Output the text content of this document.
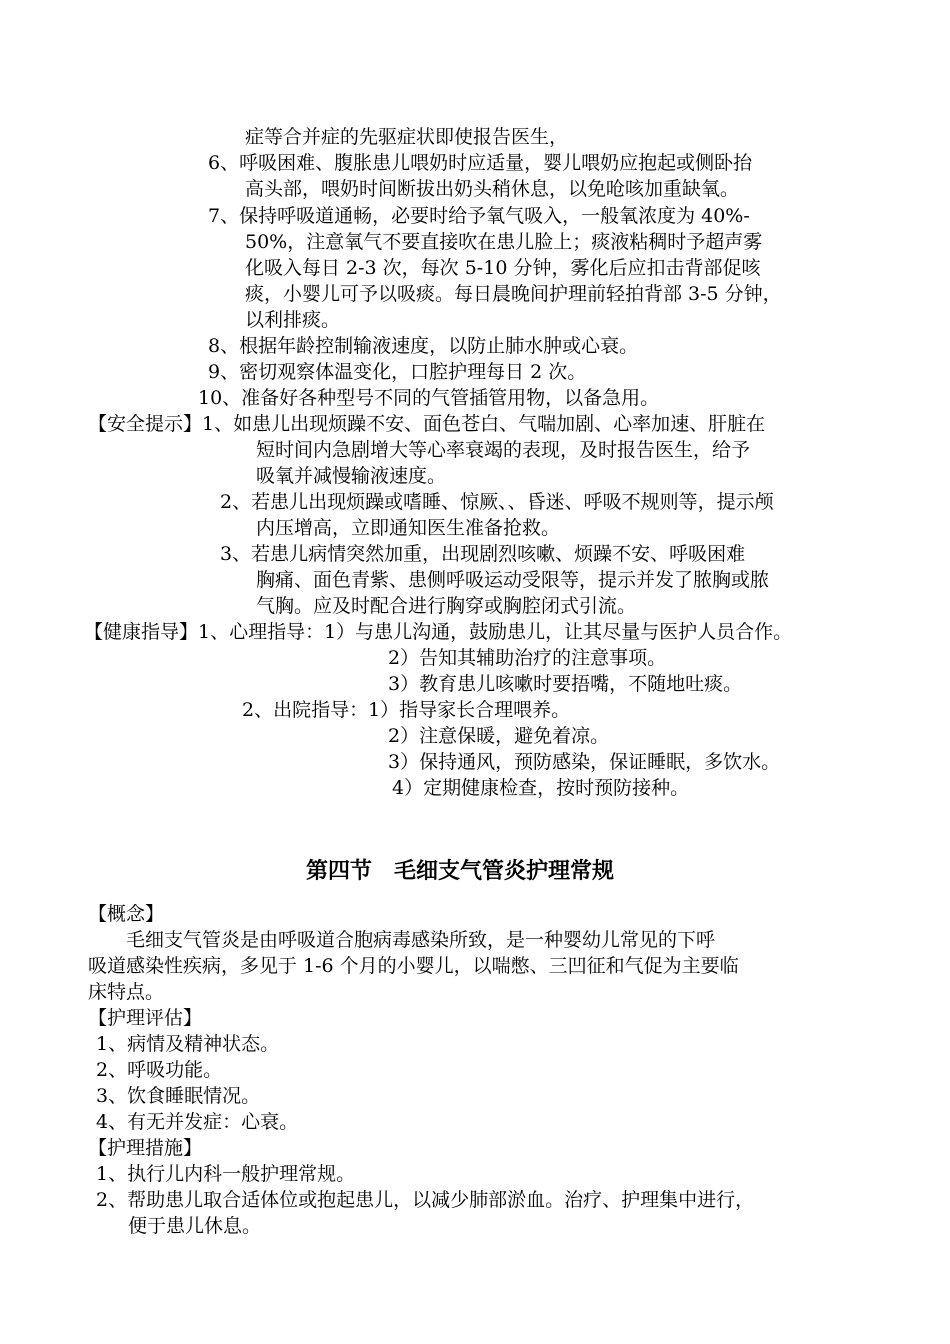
症等合并症的先驱症状即使报告医生，
6、呼吸困难、腹胀患儿喂奶时应适量，婴儿喂奶应抱起或侧卧抬
高头部，喂奶时间断拔出奶头稍休息，以免呛咳加重缺氧。
7、保持呼吸道通畅，必要时给予氧气吸入，一般氧浓度为 40%-
50%，注意氧气不要直接吹在患儿脸上；痰液粘稠时予超声雾
化吸入每日 2-3 次，每次 5-10 分钟，雾化后应扣击背部促咳
痰，小婴儿可予以吸痰。每日晨晚间护理前轻拍背部 3-5 分钟，
以利排痰。
8、根据年龄控制输液速度，以防止肺水肿或心衰。
9、密切观察体温变化，口腔护理每日 2 次。
10、准备好各种型号不同的气管插管用物，以备急用。
【安全提示】1、如患儿出现烦躁不安、面色苍白、气喘加剧、心率加速、肝脏在
短时间内急剧增大等心率衰竭的表现，及时报告医生，给予
吸氧并减慢输液速度。
2、若患儿出现烦躁或嗜睡、惊厥、、昏迷、呼吸不规则等，提示颅
内压增高，立即通知医生准备抢救。
3、若患儿病情突然加重，出现剧烈咳嗽、烦躁不安、呼吸困难
胸痛、面色青紫、患侧呼吸运动受限等，提示并发了脓胸或脓
气胸。应及时配合进行胸穿或胸腔闭式引流。
【健康指导】1、心理指导：1）与患儿沟通，鼓励患儿，让其尽量与医护人员合作。
2）告知其辅助治疗的注意事项。
3）教育患儿咳嗽时要捂嘴，不随地吐痰。
2、出院指导：1）指导家长合理喂养。
2）注意保暖，避免着凉。
3）保持通风，预防感染，保证睡眠，多饮水。
4）定期健康检查，按时预防接种。
第四节　毛细支气管炎护理常规
【概念】
毛细支气管炎是由呼吸道合胞病毒感染所致，是一种婴幼儿常见的下呼
吸道感染性疾病，多见于 1-6 个月的小婴儿，以喘憋、三凹征和气促为主要临
床特点。
【护理评估】
1、病情及精神状态。
2、呼吸功能。
3、饮食睡眠情况。
4、有无并发症：心衰。
【护理措施】
1、执行儿内科一般护理常规。
2、帮助患儿取合适体位或抱起患儿，以减少肺部淤血。治疗、护理集中进行，
便于患儿休息。
